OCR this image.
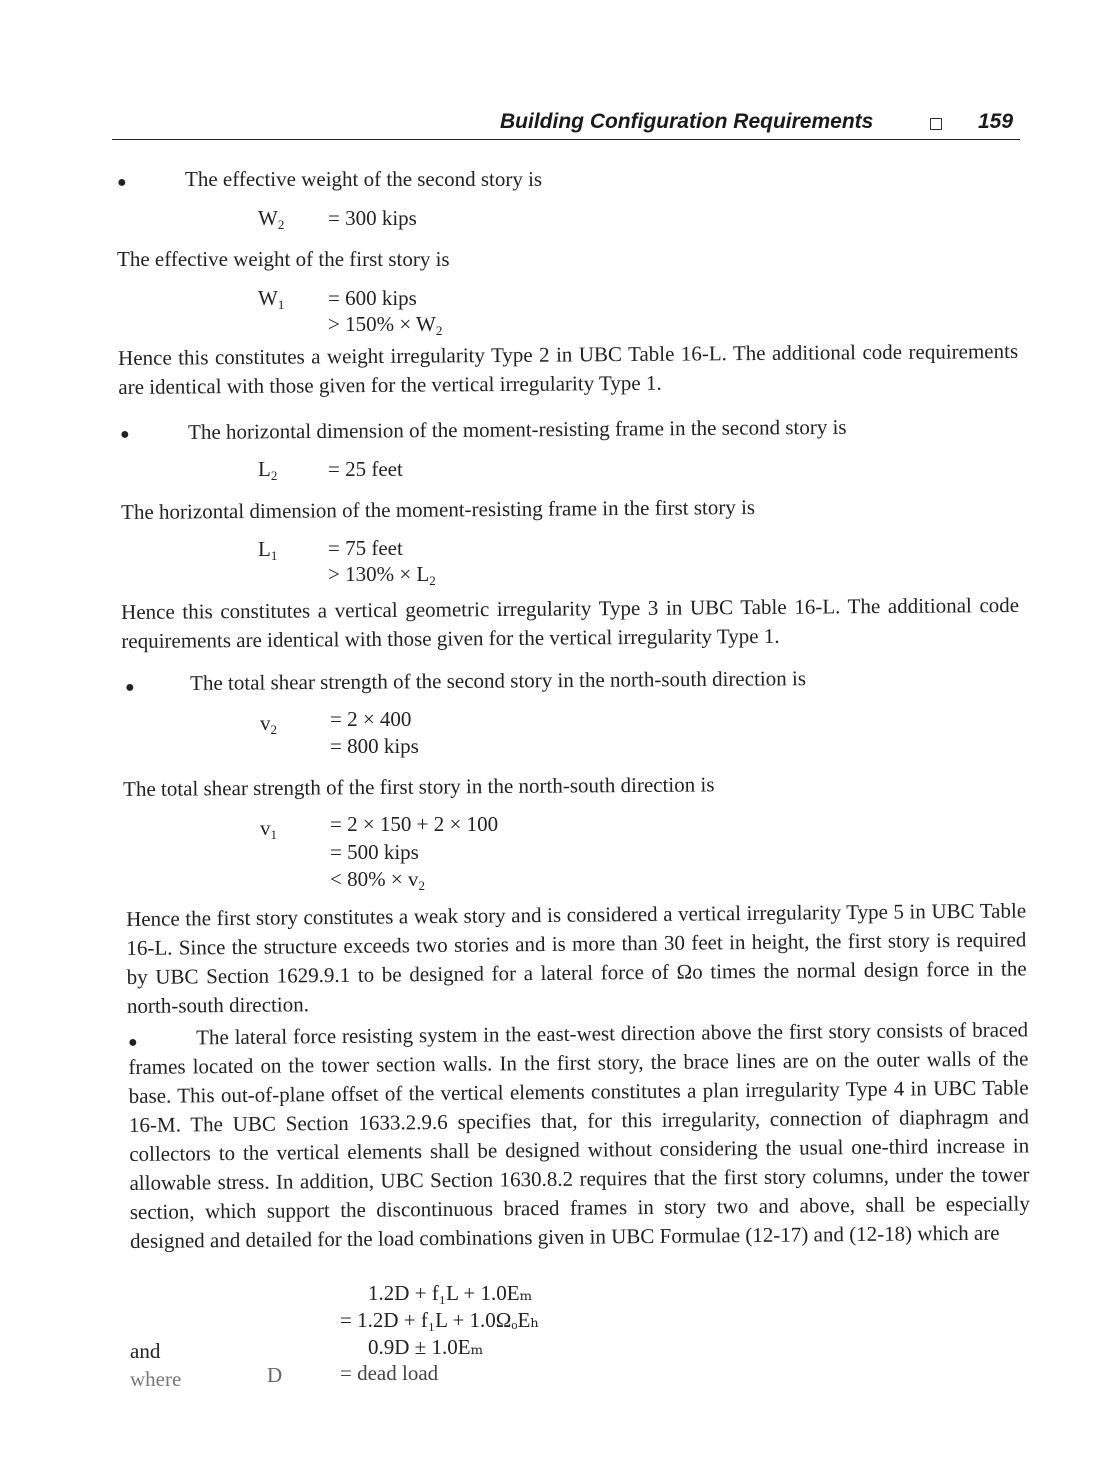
Building Configuration Requirements	159
●	The effective weight of the second story is
$W_2 = 300$ kips
The effective weight of the first story is
$W_1 = 600$ kips
> $150\% \times W_2$
Hence this constitutes a weight irregularity Type 2 in UBC Table 16-L. The additional code requirements are identical with those given for the vertical irregularity Type 1.
●	The horizontal dimension of the moment-resisting frame in the second story is
$L_2 = 25$ feet
The horizontal dimension of the moment-resisting frame in the first story is
$L_1 = 75$ feet
> $130\% \times L_2$
Hence this constitutes a vertical geometric irregularity Type 3 in UBC Table 16-L. The additional code requirements are identical with those given for the vertical irregularity Type 1.
●	The total shear strength of the second story in the north-south direction is
$v_2$	= 2 × 400
= 800 kips
The total shear strength of the first story in the north-south direction is
$v_1$	= 2 × 150 + 2 × 100
= 500 kips
< $80\% \times v_2$
Hence the first story constitutes a weak story and is considered a vertical irregularity Type 5 in UBC Table 16-L. Since the structure exceeds two stories and is more than 30 feet in height, the first story is required by UBC Section 1629.9.1 to be designed for a lateral force of Ωo times the normal design force in the north-south direction.
●	The lateral force resisting system in the east-west direction above the first story consists of braced frames located on the tower section walls. In the first story, the brace lines are on the outer walls of the base. This out-of-plane offset of the vertical elements constitutes a plan irregularity Type 4 in UBC Table 16-M. The UBC Section 1633.2.9.6 specifies that, for this irregularity, connection of diaphragm and collectors to the vertical elements shall be designed without considering the usual one-third increase in allowable stress. In addition, UBC Section 1630.8.2 requires that the first story columns, under the tower section, which support the discontinuous braced frames in story two and above, shall be especially designed and detailed for the load combinations given in UBC Formulae (12-17) and (12-18) which are
1.2D + f₁L + 1.0Eₘ
= 1.2D + f₁L + 1.0ΩₒEₕ
and	0.9D ± 1.0Eₘ
where	D	= dead load
